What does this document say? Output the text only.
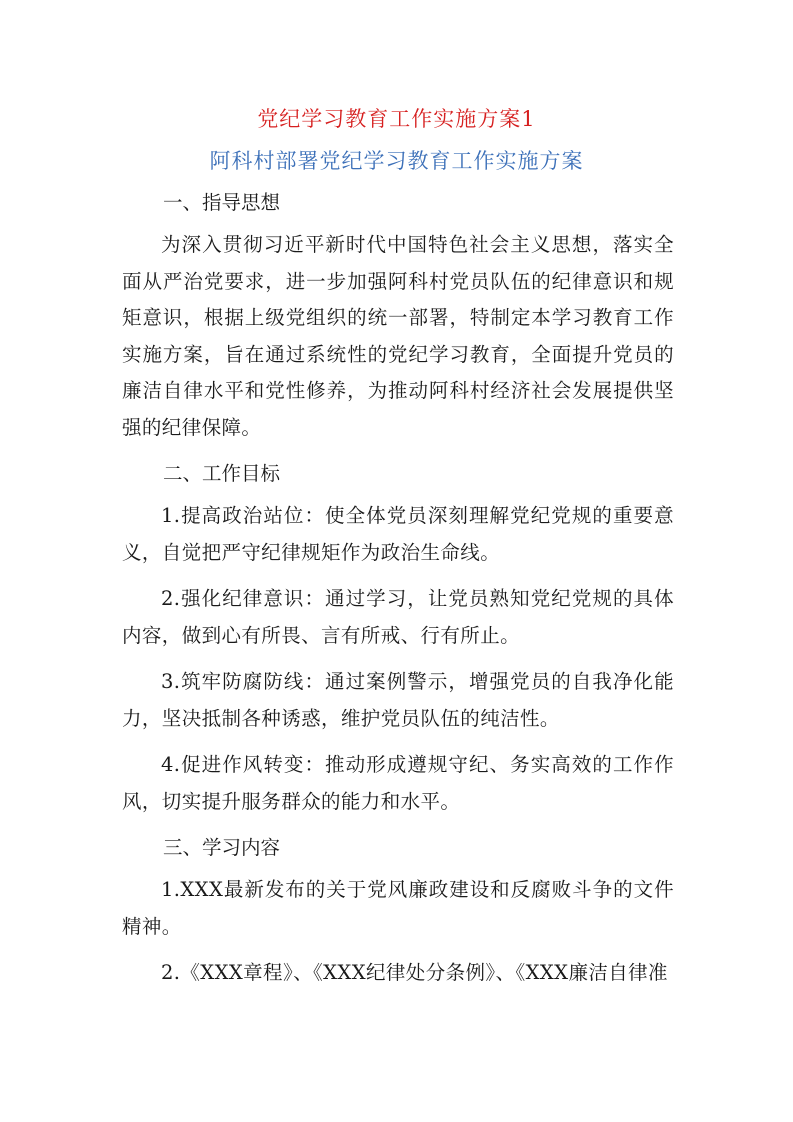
党纪学习教育工作实施方案1
阿科村部署党纪学习教育工作实施方案

一、指导思想

为深入贯彻习近平新时代中国特色社会主义思想，落实全面从严治党要求，进一步加强阿科村党员队伍的纪律意识和规矩意识，根据上级党组织的统一部署，特制定本学习教育工作实施方案，旨在通过系统性的党纪学习教育，全面提升党员的廉洁自律水平和党性修养，为推动阿科村经济社会发展提供坚强的纪律保障。

二、工作目标

1.提高政治站位：使全体党员深刻理解党纪党规的重要意义，自觉把严守纪律规矩作为政治生命线。

2.强化纪律意识：通过学习，让党员熟知党纪党规的具体内容，做到心有所畏、言有所戒、行有所止。

3.筑牢防腐防线：通过案例警示，增强党员的自我净化能力，坚决抵制各种诱惑，维护党员队伍的纯洁性。

4.促进作风转变：推动形成遵规守纪、务实高效的工作作风，切实提升服务群众的能力和水平。

三、学习内容

1.XXX最新发布的关于党风廉政建设和反腐败斗争的文件精神。

2.《XXX章程》、《XXX纪律处分条例》、《XXX廉洁自律准
